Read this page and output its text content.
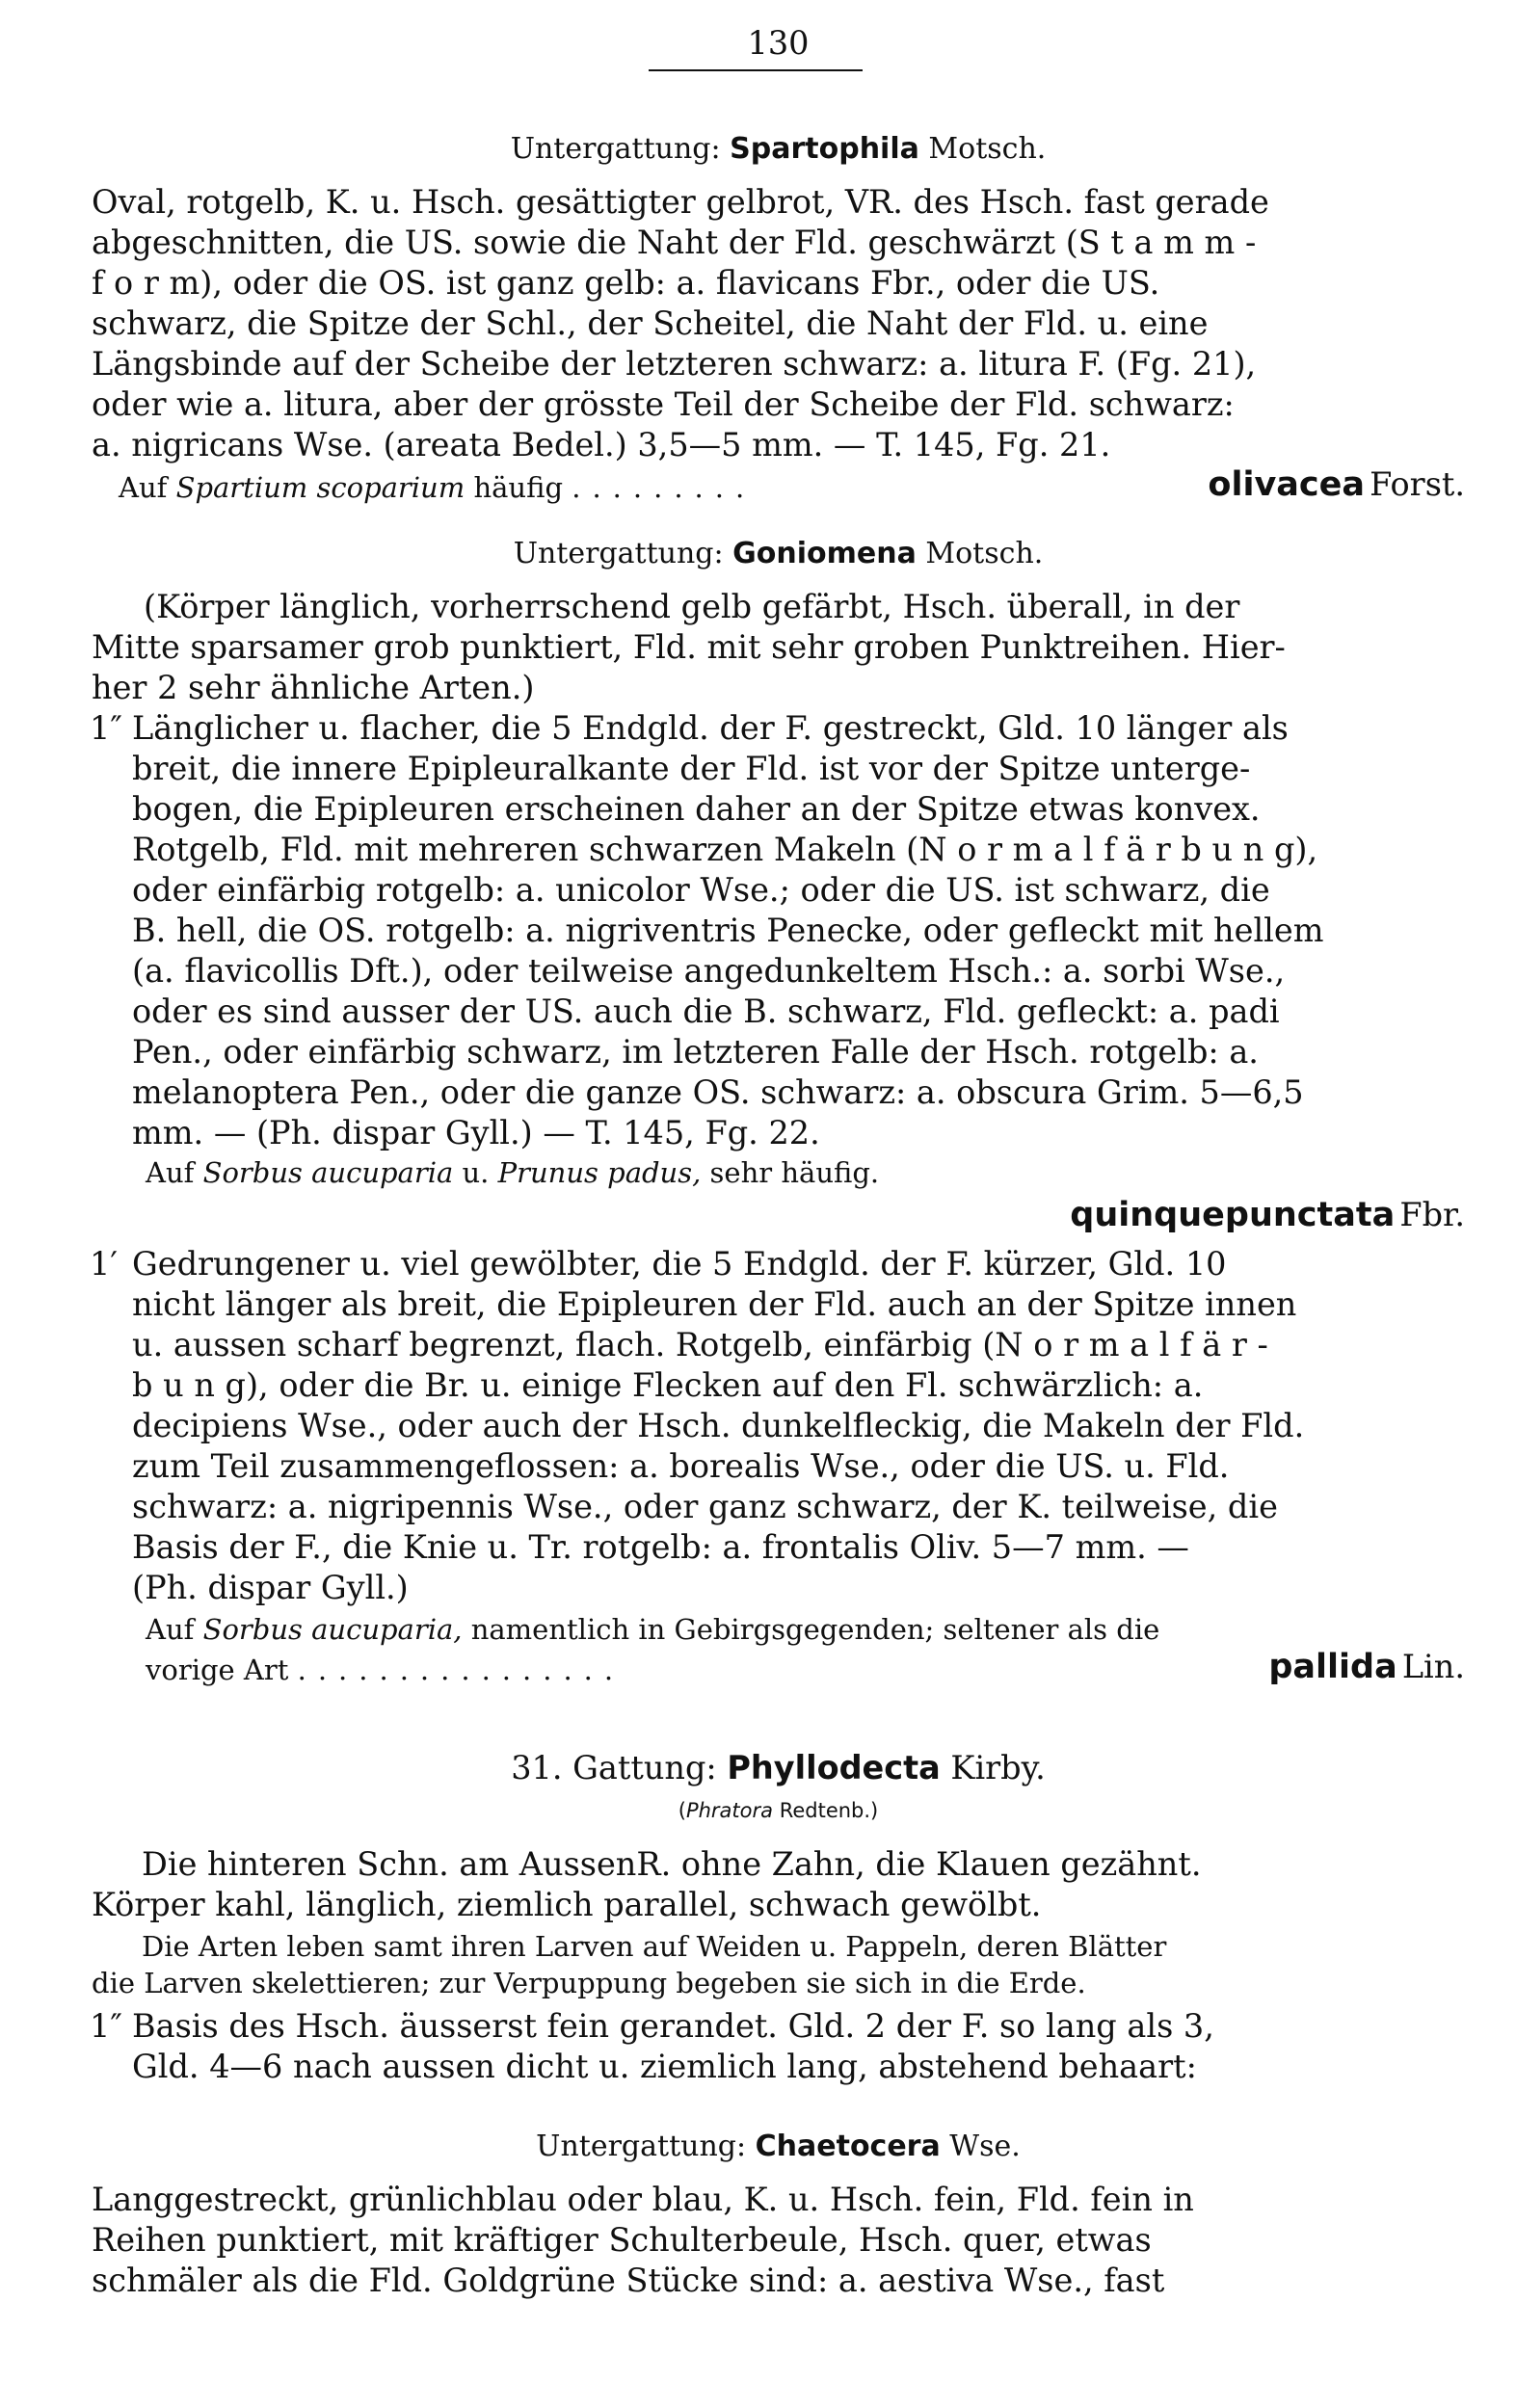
130
Untergattung: Spartophila Motsch.
Oval, rotgelb, K. u. Hsch. gesättigter gelbrot, VR. des Hsch. fast gerade
abgeschnitten, die US. sowie die Naht der Fld. geschwärzt (S t a m m -
f o r m), oder die OS. ist ganz gelb: a. flavicans Fbr., oder die US.
schwarz, die Spitze der Schl., der Scheitel, die Naht der Fld. u. eine
Längsbinde auf der Scheibe der letzteren schwarz: a. litura F. (Fg. 21),
oder wie a. litura, aber der grösste Teil der Scheibe der Fld. schwarz:
a. nigricans Wse. (areata Bedel.) 3,5—5 mm. — T. 145, Fg. 21.
Auf Spartium scoparium häufig .........	olivacea Forst.
Untergattung: Goniomena Motsch.
(Körper länglich, vorherrschend gelb gefärbt, Hsch. überall, in der
Mitte sparsamer grob punktiert, Fld. mit sehr groben Punktreihen. Hier-
her 2 sehr ähnliche Arten.)
1″ Länglicher u. flacher, die 5 Endgld. der F. gestreckt, Gld. 10 länger als
breit, die innere Epipleuralkante der Fld. ist vor der Spitze unterge-
bogen, die Epipleuren erscheinen daher an der Spitze etwas konvex.
Rotgelb, Fld. mit mehreren schwarzen Makeln (N o r m a l f ä r b u n g),
oder einfärbig rotgelb: a. unicolor Wse.; oder die US. ist schwarz, die
B. hell, die OS. rotgelb: a. nigriventris Penecke, oder gefleckt mit hellem
(a. flavicollis Dft.), oder teilweise angedunkeltem Hsch.: a. sorbi Wse.,
oder es sind ausser der US. auch die B. schwarz, Fld. gefleckt: a. padi
Pen., oder einfärbig schwarz, im letzteren Falle der Hsch. rotgelb: a.
melanoptera Pen., oder die ganze OS. schwarz: a. obscura Grim. 5—6,5
mm. — (Ph. dispar Gyll.) — T. 145, Fg. 22.
Auf Sorbus aucuparia u. Prunus padus, sehr häufig.
quinquepunctata Fbr.
1′ Gedrungener u. viel gewölbter, die 5 Endgld. der F. kürzer, Gld. 10
nicht länger als breit, die Epipleuren der Fld. auch an der Spitze innen
u. aussen scharf begrenzt, flach. Rotgelb, einfärbig (N o r m a l f ä r -
b u n g), oder die Br. u. einige Flecken auf den Fl. schwärzlich: a.
decipiens Wse., oder auch der Hsch. dunkelfleckig, die Makeln der Fld.
zum Teil zusammengeflossen: a. borealis Wse., oder die US. u. Fld.
schwarz: a. nigripennis Wse., oder ganz schwarz, der K. teilweise, die
Basis der F., die Knie u. Tr. rotgelb: a. frontalis Oliv. 5—7 mm. —
(Ph. dispar Gyll.)
Auf Sorbus aucuparia, namentlich in Gebirgsgegenden; seltener als die
vorige Art ................	pallida Lin.
31. Gattung: Phyllodecta Kirby.
(Phratora Redtenb.)
Die hinteren Schn. am AussenR. ohne Zahn, die Klauen gezähnt.
Körper kahl, länglich, ziemlich parallel, schwach gewölbt.
Die Arten leben samt ihren Larven auf Weiden u. Pappeln, deren Blätter
die Larven skelettieren; zur Verpuppung begeben sie sich in die Erde.
1″ Basis des Hsch. äusserst fein gerandet. Gld. 2 der F. so lang als 3,
Gld. 4—6 nach aussen dicht u. ziemlich lang, abstehend behaart:
Untergattung: Chaetocera Wse.
Langgestreckt, grünlichblau oder blau, K. u. Hsch. fein, Fld. fein in
Reihen punktiert, mit kräftiger Schulterbeule, Hsch. quer, etwas
schmäler als die Fld. Goldgrüne Stücke sind: a. aestiva Wse., fast
